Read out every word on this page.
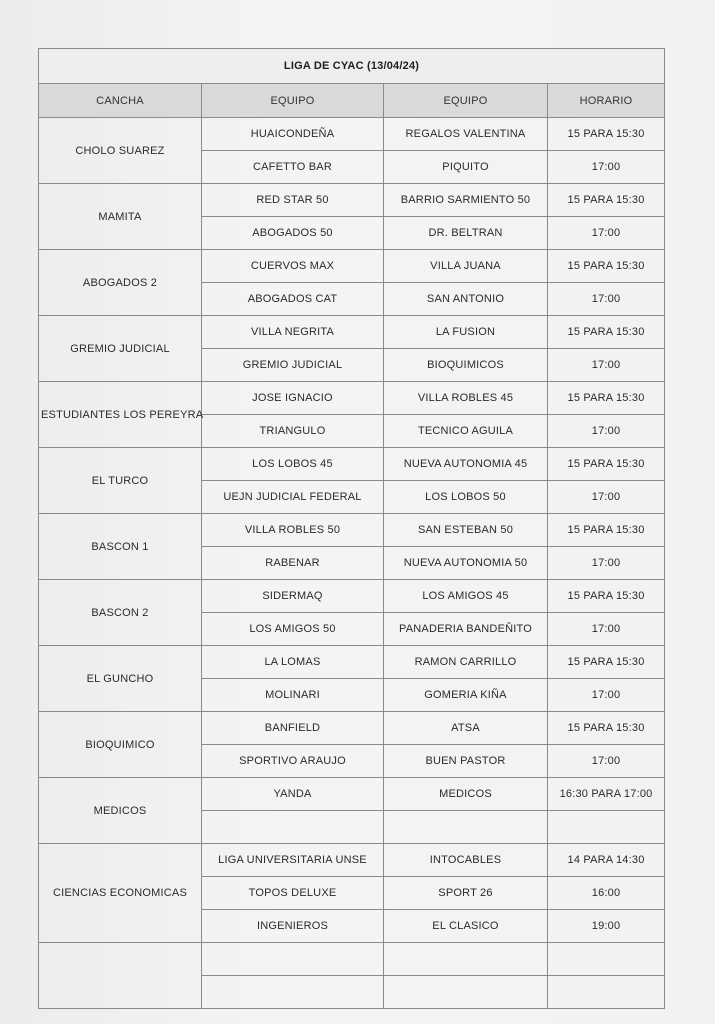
LIGA DE CYAC (13/04/24)			
CANCHA	EQUIPO	EQUIPO	HORARIO
CHOLO SUAREZ	HUAICONDEÑA	REGALOS VALENTINA	15 PARA 15:30
	CAFETTO BAR	PIQUITO	17:00
MAMITA	RED STAR 50	BARRIO SARMIENTO 50	15 PARA 15:30
	ABOGADOS 50	DR. BELTRAN	17:00
ABOGADOS 2	CUERVOS MAX	VILLA JUANA	15 PARA 15:30
	ABOGADOS CAT	SAN ANTONIO	17:00
GREMIO JUDICIAL	VILLA NEGRITA	LA FUSION	15 PARA 15:30
	GREMIO JUDICIAL	BIOQUIMICOS	17:00
ESTUDIANTES LOS PEREYRA	JOSE IGNACIO	VILLA ROBLES 45	15 PARA 15:30
	TRIANGULO	TECNICO AGUILA	17:00
EL TURCO	LOS LOBOS 45	NUEVA AUTONOMIA 45	15 PARA 15:30
	UEJN JUDICIAL FEDERAL	LOS LOBOS 50	17:00
BASCON 1	VILLA ROBLES 50	SAN ESTEBAN 50	15 PARA 15:30
	RABENAR	NUEVA AUTONOMIA 50	17:00
BASCON 2	SIDERMAQ	LOS AMIGOS 45	15 PARA 15:30
	LOS AMIGOS 50	PANADERIA BANDEŇITO	17:00
EL GUNCHO	LA LOMAS	RAMON CARRILLO	15 PARA 15:30
	MOLINARI	GOMERIA KIÑA	17:00
BIOQUIMICO	BANFIELD	ATSA	15 PARA 15:30
	SPORTIVO ARAUJO	BUEN PASTOR	17:00
MEDICOS	YANDA	MEDICOS	16:30 PARA 17:00

CIENCIAS ECONOMICAS	LIGA UNIVERSITARIA UNSE	INTOCABLES	14 PARA 14:30
	TOPOS DELUXE	SPORT 26	16:00
	INGENIEROS	EL CLASICO	19:00
